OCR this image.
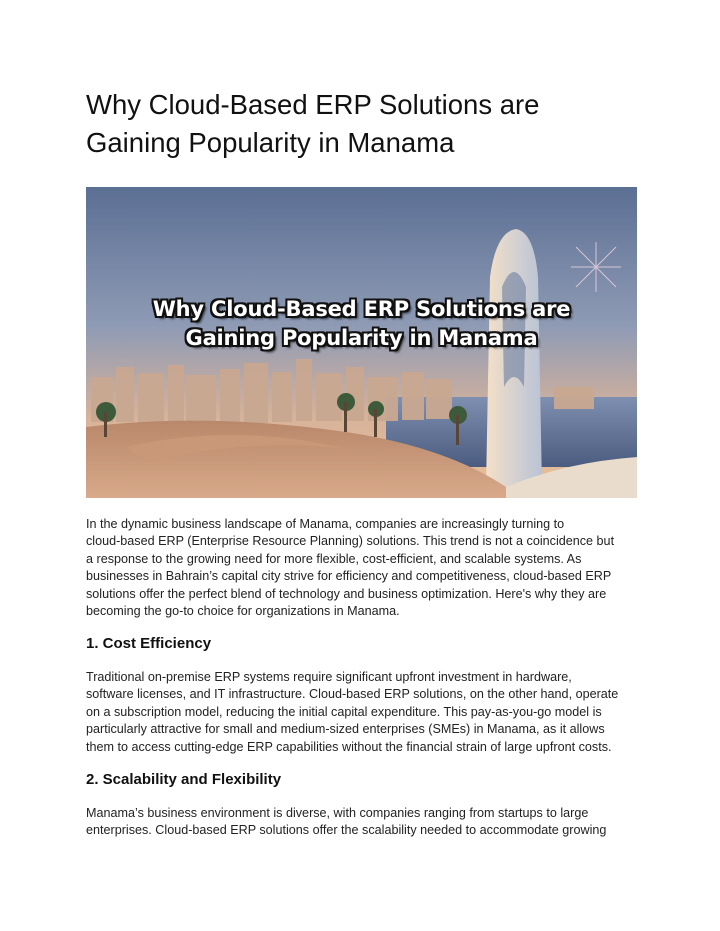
Why Cloud-Based ERP Solutions are
Gaining Popularity in Manama
Why Cloud-Based ERP Solutions are
Gaining Popularity in Manama

In the dynamic business landscape of Manama, companies are increasingly turning to
cloud-based ERP (Enterprise Resource Planning) solutions. This trend is not a coincidence but
a response to the growing need for more flexible, cost-efficient, and scalable systems. As
businesses in Bahrain’s capital city strive for efficiency and competitiveness, cloud-based ERP
solutions offer the perfect blend of technology and business optimization. Here's why they are
becoming the go-to choice for organizations in Manama.

1. Cost Efficiency

Traditional on-premise ERP systems require significant upfront investment in hardware,
software licenses, and IT infrastructure. Cloud-based ERP solutions, on the other hand, operate
on a subscription model, reducing the initial capital expenditure. This pay-as-you-go model is
particularly attractive for small and medium-sized enterprises (SMEs) in Manama, as it allows
them to access cutting-edge ERP capabilities without the financial strain of large upfront costs.

2. Scalability and Flexibility

Manama’s business environment is diverse, with companies ranging from startups to large
enterprises. Cloud-based ERP solutions offer the scalability needed to accommodate growing
